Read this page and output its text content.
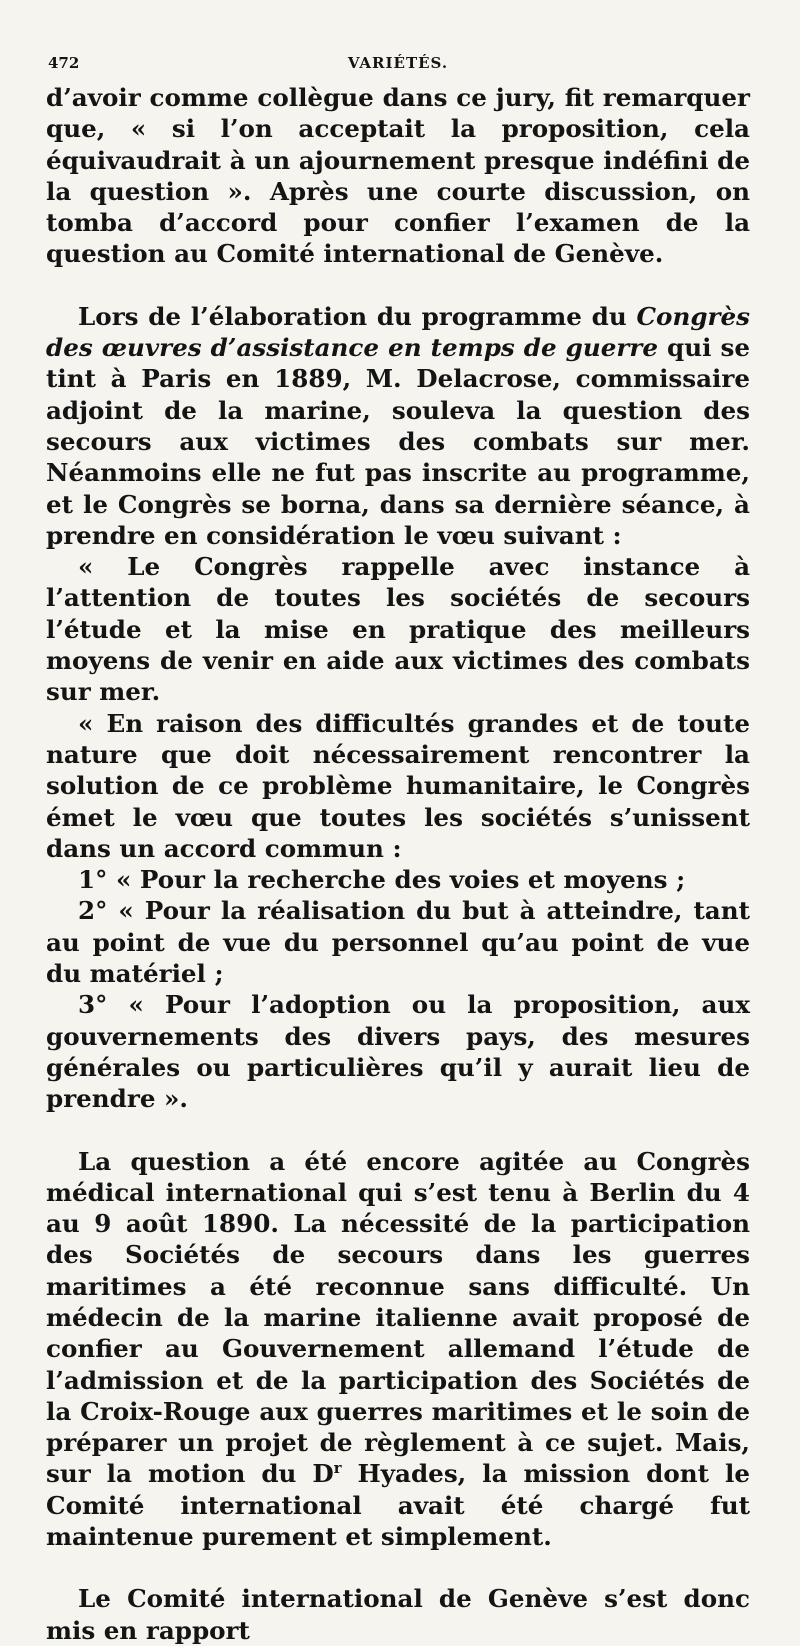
472	VARIÉTÉS.

d’avoir comme collègue dans ce jury, fit remarquer que, « si l’on acceptait la proposition, cela équivaudrait à un ajournement presque indéfini de la question ». Après une courte discussion, on tomba d’accord pour confier l’examen de la question au Comité international de Genève.

Lors de l’élaboration du programme du Congrès des œuvres d’assistance en temps de guerre qui se tint à Paris en 1889, M. Delacrose, commissaire adjoint de la marine, souleva la question des secours aux victimes des combats sur mer. Néanmoins elle ne fut pas inscrite au programme, et le Congrès se borna, dans sa dernière séance, à prendre en considération le vœu suivant :

« Le Congrès rappelle avec instance à l’attention de toutes les sociétés de secours l’étude et la mise en pratique des meilleurs moyens de venir en aide aux victimes des combats sur mer.

« En raison des difficultés grandes et de toute nature que doit nécessairement rencontrer la solution de ce problème humanitaire, le Congrès émet le vœu que toutes les sociétés s’unissent dans un accord commun :

1° « Pour la recherche des voies et moyens ;

2° « Pour la réalisation du but à atteindre, tant au point de vue du personnel qu’au point de vue du matériel ;

3° « Pour l’adoption ou la proposition, aux gouvernements des divers pays, des mesures générales ou particulières qu’il y aurait lieu de prendre ».

La question a été encore agitée au Congrès médical international qui s’est tenu à Berlin du 4 au 9 août 1890. La nécessité de la participation des Sociétés de secours dans les guerres maritimes a été reconnue sans difficulté. Un médecin de la marine italienne avait proposé de confier au Gouvernement allemand l’étude de l’admission et de la participation des Sociétés de la Croix-Rouge aux guerres maritimes et le soin de préparer un projet de règlement à ce sujet. Mais, sur la motion du $D^r$ Hyades, la mission dont le Comité international avait été chargé fut maintenue purement et simplement.

Le Comité international de Genève s’est donc mis en rapport
